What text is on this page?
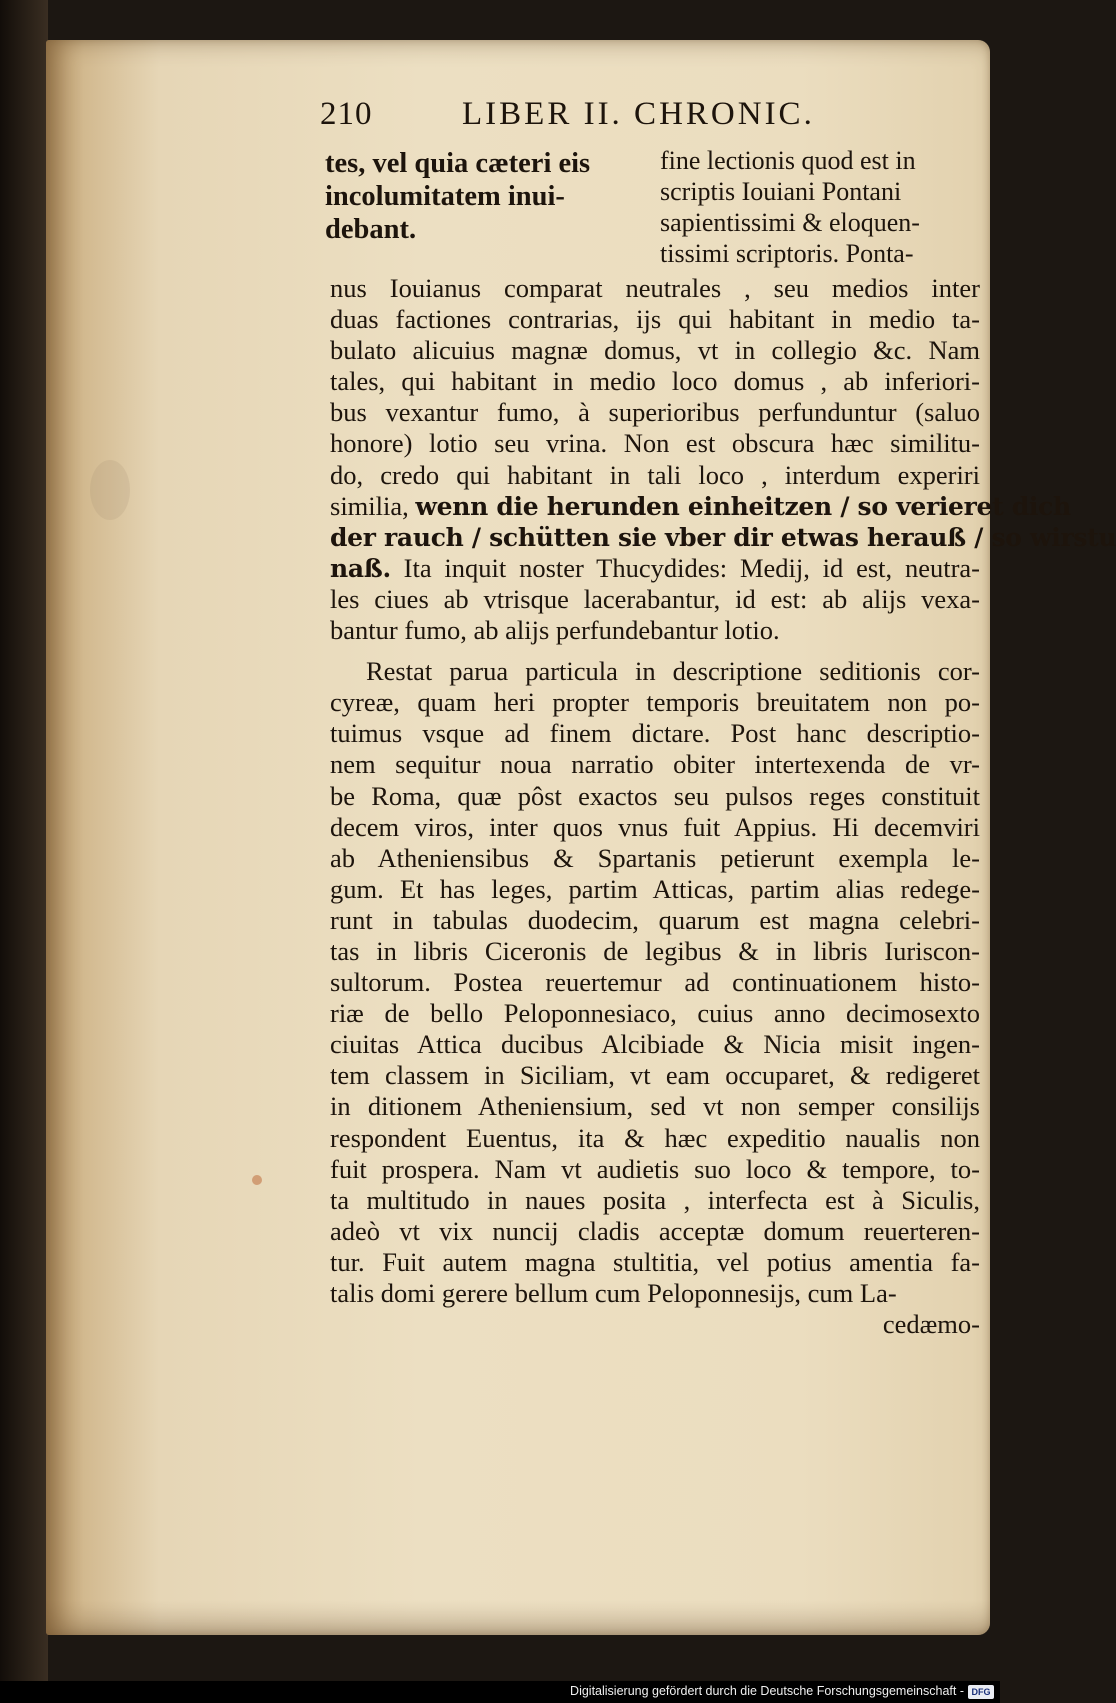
210	LIBER II. CHRONIC.
tes, vel quia cæteri eis
incolumitatem inui-
debant.
fine lectionis quod est in
scriptis Iouiani Pontani
sapientissimi & eloquen-
tissimi scriptoris. Ponta-
nus Iouianus comparat neutrales , seu medios inter
duas factiones contrarias, ijs qui habitant in medio ta-
bulato alicuius magnæ domus, vt in collegio &c. Nam
tales, qui habitant in medio loco domus , ab inferiori-
bus vexantur fumo, à superioribus perfunduntur (saluo
honore) lotio seu vrina. Non est obscura hæc similitu-
do, credo qui habitant in tali loco , interdum experiri
similia, wenn die herunden einheitzen / so verieret dich
der rauch / schütten sie vber dir etwas herauß / so wirstu
naß. Ita inquit noster Thucydides: Medij, id est, neutra-
les ciues ab vtrisque lacerabantur, id est: ab alijs vexa-
bantur fumo, ab alijs perfundebantur lotio.
Restat parua particula in descriptione seditionis cor-
cyreæ, quam heri propter temporis breuitatem non po-
tuimus vsque ad finem dictare. Post hanc descriptio-
nem sequitur noua narratio obiter intertexenda de vr-
be Roma, quæ pôst exactos seu pulsos reges constituit
decem viros, inter quos vnus fuit Appius. Hi decemviri
ab Atheniensibus & Spartanis petierunt exempla le-
gum. Et has leges, partim Atticas, partim alias redege-
runt in tabulas duodecim, quarum est magna celebri-
tas in libris Ciceronis de legibus & in libris Iuriscon-
sultorum. Postea reuertemur ad continuationem histo-
riæ de bello Peloponnesiaco, cuius anno decimosexto
ciuitas Attica ducibus Alcibiade & Nicia misit ingen-
tem classem in Siciliam, vt eam occuparet, & redigeret
in ditionem Atheniensium, sed vt non semper consilijs
respondent Euentus, ita & hæc expeditio naualis non
fuit prospera. Nam vt audietis suo loco & tempore, to-
ta multitudo in naues posita , interfecta est à Siculis,
adeò vt vix nuncij cladis acceptæ domum reuerteren-
tur. Fuit autem magna stultitia, vel potius amentia fa-
talis domi gerere bellum cum Peloponnesijs, cum La-
cedæmo-
Digitalisierung gefördert durch die Deutsche Forschungsgemeinschaft - DFG
